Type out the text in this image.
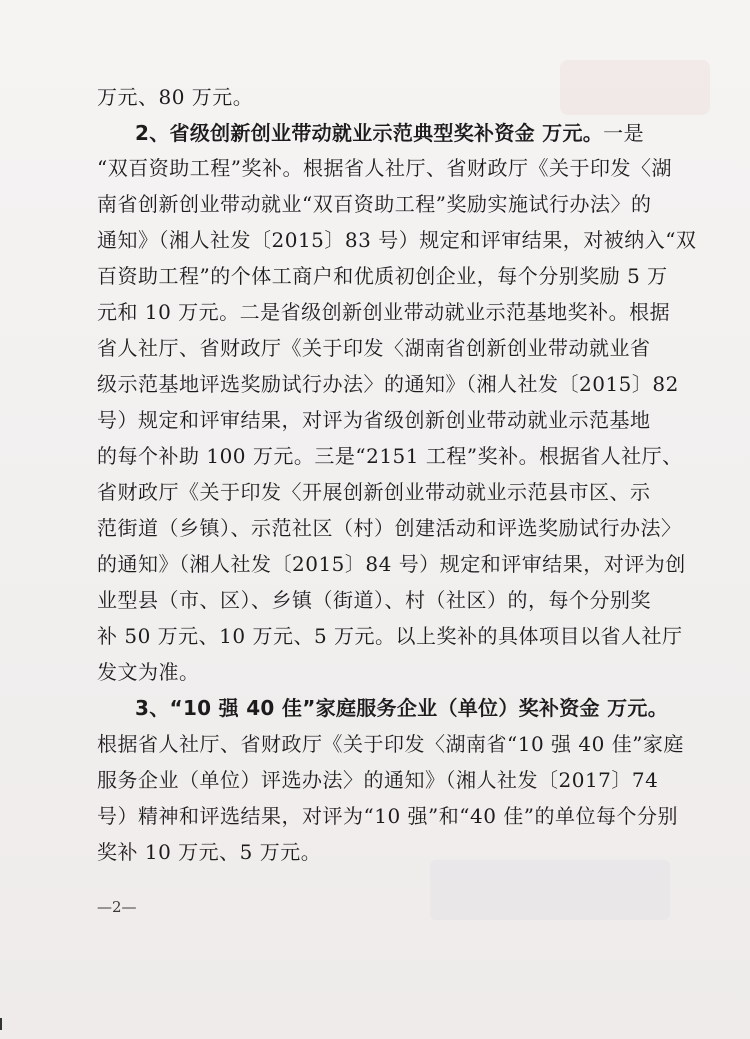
万元、80 万元。
2、省级创新创业带动就业示范典型奖补资金 万元。一是
“双百资助工程”奖补。根据省人社厅、省财政厅《关于印发〈湖
南省创新创业带动就业“双百资助工程”奖励实施试行办法〉的
通知》（湘人社发〔2015〕83 号）规定和评审结果，对被纳入“双
百资助工程”的个体工商户和优质初创企业，每个分别奖励 5 万
元和 10 万元。二是省级创新创业带动就业示范基地奖补。根据
省人社厅、省财政厅《关于印发〈湖南省创新创业带动就业省
级示范基地评选奖励试行办法〉的通知》（湘人社发〔2015〕82
号）规定和评审结果，对评为省级创新创业带动就业示范基地
的每个补助 100 万元。三是“2151 工程”奖补。根据省人社厅、
省财政厅《关于印发〈开展创新创业带动就业示范县市区、示
范街道（乡镇）、示范社区（村）创建活动和评选奖励试行办法〉
的通知》（湘人社发〔2015〕84 号）规定和评审结果，对评为创
业型县（市、区）、乡镇（街道）、村（社区）的，每个分别奖
补 50 万元、10 万元、5 万元。以上奖补的具体项目以省人社厅
发文为准。
3、“10 强 40 佳”家庭服务企业（单位）奖补资金 万元。
根据省人社厅、省财政厅《关于印发〈湖南省“10 强 40 佳”家庭
服务企业（单位）评选办法〉的通知》（湘人社发〔2017〕74
号）精神和评选结果，对评为“10 强”和“40 佳”的单位每个分别
奖补 10 万元、5 万元。
—2—
